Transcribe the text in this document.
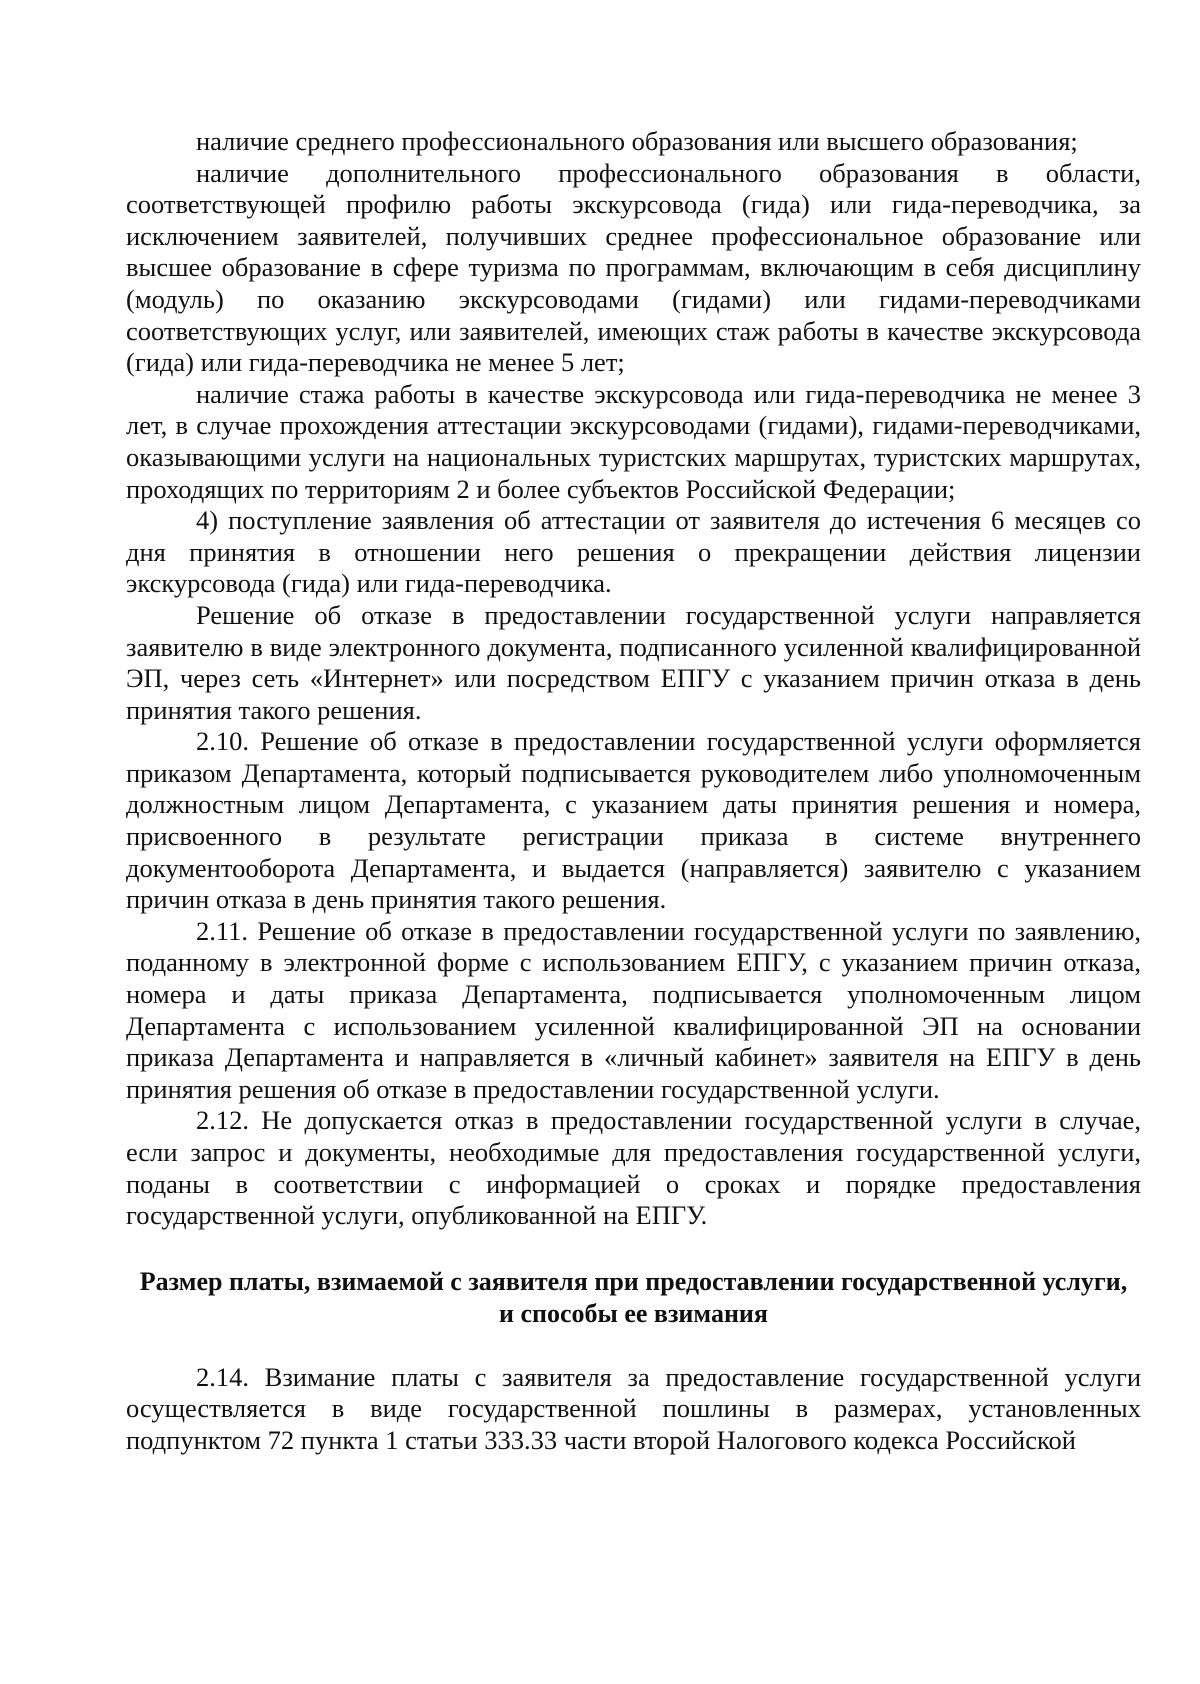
наличие среднего профессионального образования или высшего образования;

наличие дополнительного профессионального образования в области, соответствующей профилю работы экскурсовода (гида) или гида-переводчика, за исключением заявителей, получивших среднее профессиональное образование или высшее образование в сфере туризма по программам, включающим в себя дисциплину (модуль) по оказанию экскурсоводами (гидами) или гидами-переводчиками соответствующих услуг, или заявителей, имеющих стаж работы в качестве экскурсовода (гида) или гида-переводчика не менее 5 лет;

наличие стажа работы в качестве экскурсовода или гида-переводчика не менее 3 лет, в случае прохождения аттестации экскурсоводами (гидами), гидами-переводчиками, оказывающими услуги на национальных туристских маршрутах, туристских маршрутах, проходящих по территориям 2 и более субъектов Российской Федерации;

4) поступление заявления об аттестации от заявителя до истечения 6 месяцев со дня принятия в отношении него решения о прекращении действия лицензии экскурсовода (гида) или гида-переводчика.

Решение об отказе в предоставлении государственной услуги направляется заявителю в виде электронного документа, подписанного усиленной квалифицированной ЭП, через сеть «Интернет» или посредством ЕПГУ с указанием причин отказа в день принятия такого решения.

2.10. Решение об отказе в предоставлении государственной услуги оформляется приказом Департамента, который подписывается руководителем либо уполномоченным должностным лицом Департамента, с указанием даты принятия решения и номера, присвоенного в результате регистрации приказа в системе внутреннего документооборота Департамента, и выдается (направляется) заявителю с указанием причин отказа в день принятия такого решения.

2.11. Решение об отказе в предоставлении государственной услуги по заявлению, поданному в электронной форме с использованием ЕПГУ, с указанием причин отказа, номера и даты приказа Департамента, подписывается уполномоченным лицом Департамента с использованием усиленной квалифицированной ЭП на основании приказа Департамента и направляется в «личный кабинет» заявителя на ЕПГУ в день принятия решения об отказе в предоставлении государственной услуги.

2.12. Не допускается отказ в предоставлении государственной услуги в случае, если запрос и документы, необходимые для предоставления государственной услуги, поданы в соответствии с информацией о сроках и порядке предоставления государственной услуги, опубликованной на ЕПГУ.

Размер платы, взимаемой с заявителя при предоставлении государственной услуги, и способы ее взимания

2.14. Взимание платы с заявителя за предоставление государственной услуги осуществляется в виде государственной пошлины в размерах, установленных подпунктом 72 пункта 1 статьи 333.33 части второй Налогового кодекса Российской
